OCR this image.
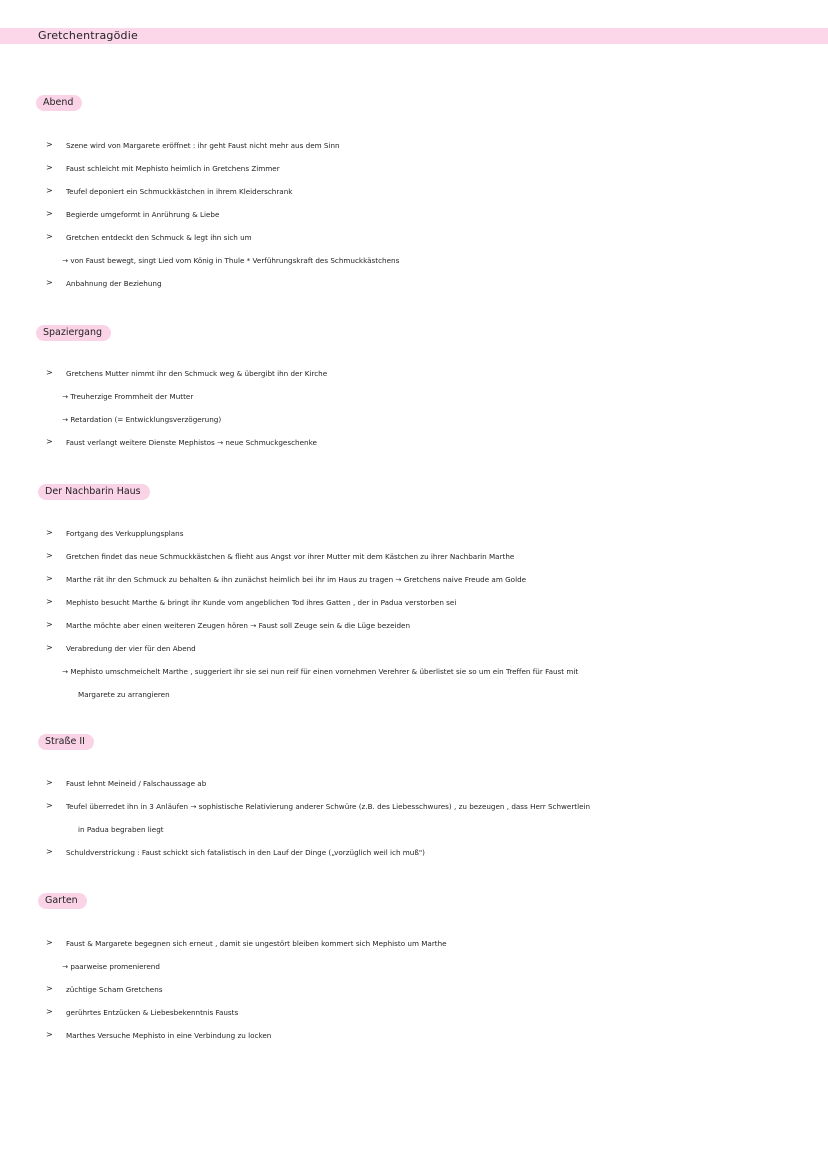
Gretchentragödie
Abend
> Szene wird von Margarete eröffnet : ihr geht Faust nicht mehr aus dem Sinn
> Faust schleicht mit Mephisto heimlich in Gretchens Zimmer
> Teufel deponiert ein Schmuckkästchen in ihrem Kleiderschrank
> Begierde umgeformt in Anrührung & Liebe
> Gretchen entdeckt den Schmuck & legt ihn sich um
→ von Faust bewegt, singt Lied vom König in Thule * Verführungskraft des Schmuckkästchens
> Anbahnung der Beziehung
Spaziergang
> Gretchens Mutter nimmt ihr den Schmuck weg & übergibt ihn der Kirche
→ Treuherzige Frommheit der Mutter
→ Retardation (= Entwicklungsverzögerung)
> Faust verlangt weitere Dienste Mephistos → neue Schmuckgeschenke
Der Nachbarin Haus
> Fortgang des Verkupplungsplans
> Gretchen findet das neue Schmuckkästchen & flieht aus Angst vor ihrer Mutter mit dem Kästchen zu ihrer Nachbarin Marthe
> Marthe rät ihr den Schmuck zu behalten & ihn zunächst heimlich bei ihr im Haus zu tragen → Gretchens naive Freude am Golde
> Mephisto besucht Marthe & bringt ihr Kunde vom angeblichen Tod ihres Gatten , der in Padua verstorben sei
> Marthe möchte aber einen weiteren Zeugen hören → Faust soll Zeuge sein & die Lüge bezeiden
> Verabredung der vier für den Abend
→ Mephisto umschmeichelt Marthe , suggeriert ihr sie sei nun reif für einen vornehmen Verehrer & überlistet sie so um ein Treffen für Faust mit
Margarete zu arrangieren
Straße II
> Faust lehnt Meineid / Falschaussage ab
> Teufel überredet ihn in 3 Anläufen → sophistische Relativierung anderer Schwüre (z.B. des Liebesschwures) , zu bezeugen , dass Herr Schwertlein
in Padua begraben liegt
> Schuldverstrickung : Faust schickt sich fatalistisch in den Lauf der Dinge („vorzüglich weil ich muß")
Garten
> Faust & Margarete begegnen sich erneut , damit sie ungestört bleiben kommert sich Mephisto um Marthe
→ paarweise promenierend
> züchtige Scham Gretchens
> gerührtes Entzücken & Liebesbekenntnis Fausts
> Marthes Versuche Mephisto in eine Verbindung zu locken
